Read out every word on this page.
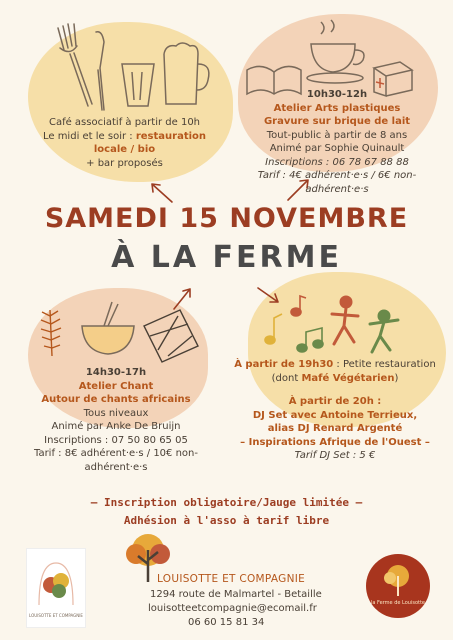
Café associatif à partir de 10h
Le midi et le soir : restauration
locale / bio
+ bar proposés
10h30-12h
Atelier Arts plastiques
Gravure sur brique de lait
Tout-public à partir de 8 ans
Animé par Sophie Quinault
Inscriptions : 06 78 67 88 88
Tarif : 4€ adhérent·e·s / 6€ non-
adhérent·e·s
SAMEDI 15 NOVEMBRE
À LA FERME
14h30-17h
Atelier Chant
Autour de chants africains
Tous niveaux
Animé par Anke De Bruijn
Inscriptions : 07 50 80 65 05
Tarif : 8€ adhérent·e·s / 10€ non-
adhérent·e·s
À partir de 19h30 : Petite restauration
(dont Mafé Végétarien)
À partir de 20h :
DJ Set avec Antoine Terrieux,
alias DJ Renard Argenté
– Inspirations Afrique de l'Ouest –
Tarif DJ Set : 5 €
— Inscription obligatoire/Jauge limitée —
Adhésion à l'asso à tarif libre
LOUISOTTE ET COMPAGNIE
LOUISOTTE ET COMPAGNIE
1294 route de Malmartel - Betaille
louisotteetcompagnie@ecomail.fr
06 60 15 81 34
la Ferme de Louisotte
